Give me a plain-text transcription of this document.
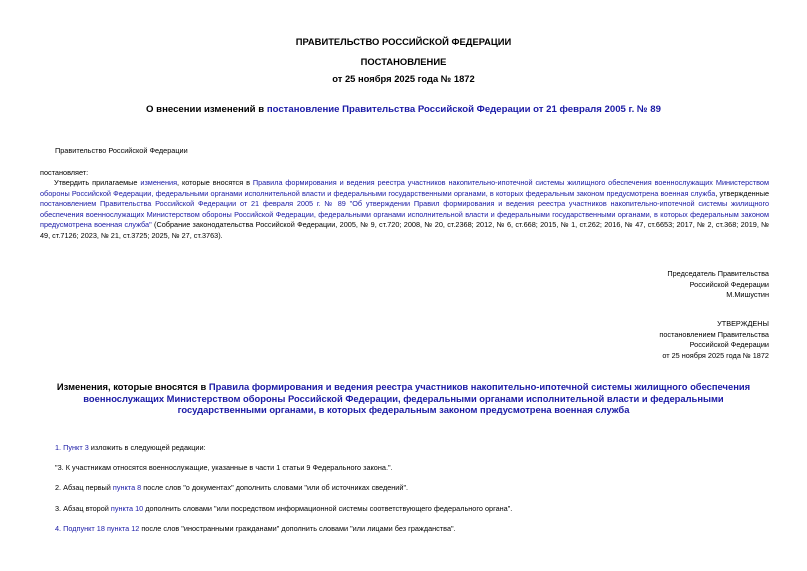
ПРАВИТЕЛЬСТВО РОССИЙСКОЙ ФЕДЕРАЦИИ
ПОСТАНОВЛЕНИЕ
от 25 ноября 2025 года № 1872
О внесении изменений в постановление Правительства Российской Федерации от 21 февраля 2005 г. № 89
Правительство Российской Федерации
постановляет:
Утвердить прилагаемые изменения, которые вносятся в Правила формирования и ведения реестра участников накопительно-ипотечной системы жилищного обеспечения военнослужащих Министерством обороны Российской Федерации, федеральными органами исполнительной власти и федеральными государственными органами, в которых федеральным законом предусмотрена военная служба, утвержденные постановлением Правительства Российской Федерации от 21 февраля 2005 г. № 89 "Об утверждении Правил формирования и ведения реестра участников накопительно-ипотечной системы жилищного обеспечения военнослужащих Министерством обороны Российской Федерации, федеральными органами исполнительной власти и федеральными государственными органами, в которых федеральным законом предусмотрена военная служба" (Собрание законодательства Российской Федерации, 2005, № 9, ст.720; 2008, № 20, ст.2368; 2012, № 6, ст.668; 2015, № 1, ст.262; 2016, № 47, ст.6653; 2017, № 2, ст.368; 2019, № 49, ст.7126; 2023, № 21, ст.3725; 2025, № 27, ст.3763).
Председатель Правительства
Российской Федерации
М.Мишустин
УТВЕРЖДЕНЫ
постановлением Правительства
Российской Федерации
от 25 ноября 2025 года № 1872
Изменения, которые вносятся в Правила формирования и ведения реестра участников накопительно-ипотечной системы жилищного обеспечения военнослужащих Министерством обороны Российской Федерации, федеральными органами исполнительной власти и федеральными государственными органами, в которых федеральным законом предусмотрена военная служба
1. Пункт 3 изложить в следующей редакции:
"3. К участникам относятся военнослужащие, указанные в части 1 статьи 9 Федерального закона.".
2. Абзац первый пункта 8 после слов "о документах" дополнить словами "или об источниках сведений".
3. Абзац второй пункта 10 дополнить словами "или посредством информационной системы соответствующего федерального органа".
4. Подпункт 18 пункта 12 после слов "иностранными гражданами" дополнить словами "или лицами без гражданства".
